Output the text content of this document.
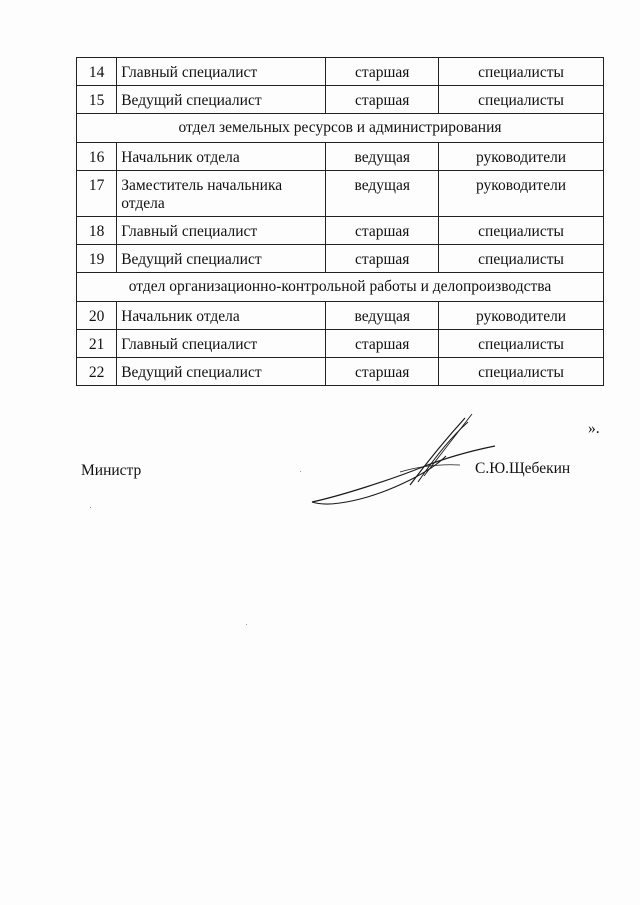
14	Главный специалист	старшая	специалисты
15	Ведущий специалист	старшая	специалисты
отдел земельных ресурсов и администрирования			
16	Начальник отдела	ведущая	руководители
17	Заместитель начальника отдела	ведущая	руководители
18	Главный специалист	старшая	специалисты
19	Ведущий специалист	старшая	специалисты
отдел организационно-контрольной работы и делопроизводства			
20	Начальник отдела	ведущая	руководители
21	Главный специалист	старшая	специалисты
22	Ведущий специалист	старшая	специалисты
».
Министр	С.Ю.Щебекин
